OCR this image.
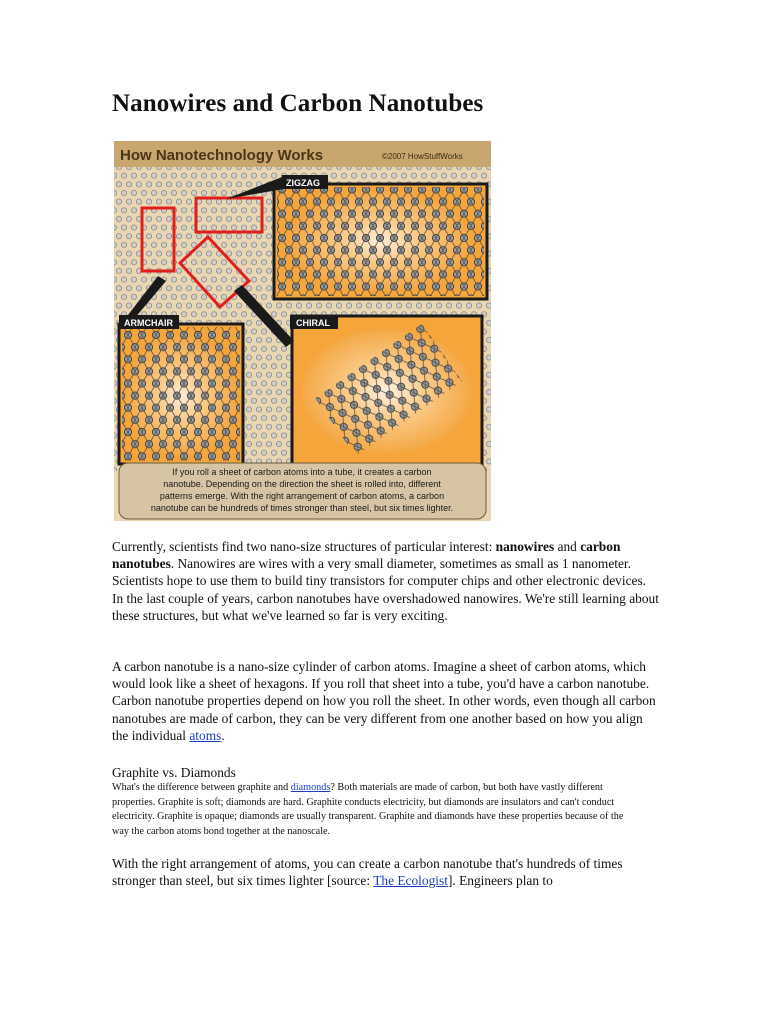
Nanowires and Carbon Nanotubes
How Nanotechnology Works	©2007 HowStuffWorks
ZIGZAG
ARMCHAIR	CHIRAL
If you roll a sheet of carbon atoms into a tube, it creates a carbon
nanotube. Depending on the direction the sheet is rolled into, different
patterns emerge. With the right arrangement of carbon atoms, a carbon
nanotube can be hundreds of times stronger than steel, but six times lighter.

Currently, scientists find two nano-size structures of particular interest: nanowires and carbon nanotubes. Nanowires are wires with a very small diameter, sometimes as small as 1 nanometer. Scientists hope to use them to build tiny transistors for computer chips and other electronic devices. In the last couple of years, carbon nanotubes have overshadowed nanowires. We're still learning about these structures, but what we've learned so far is very exciting.

A carbon nanotube is a nano-size cylinder of carbon atoms. Imagine a sheet of carbon atoms, which would look like a sheet of hexagons. If you roll that sheet into a tube, you'd have a carbon nanotube. Carbon nanotube properties depend on how you roll the sheet. In other words, even though all carbon nanotubes are made of carbon, they can be very different from one another based on how you align the individual atoms.

Graphite vs. Diamonds

What's the difference between graphite and diamonds? Both materials are made of carbon, but both have vastly different properties. Graphite is soft; diamonds are hard. Graphite conducts electricity, but diamonds are insulators and can't conduct electricity. Graphite is opaque; diamonds are usually transparent. Graphite and diamonds have these properties because of the way the carbon atoms bond together at the nanoscale.

With the right arrangement of atoms, you can create a carbon nanotube that's hundreds of times stronger than steel, but six times lighter [source: The Ecologist]. Engineers plan to
